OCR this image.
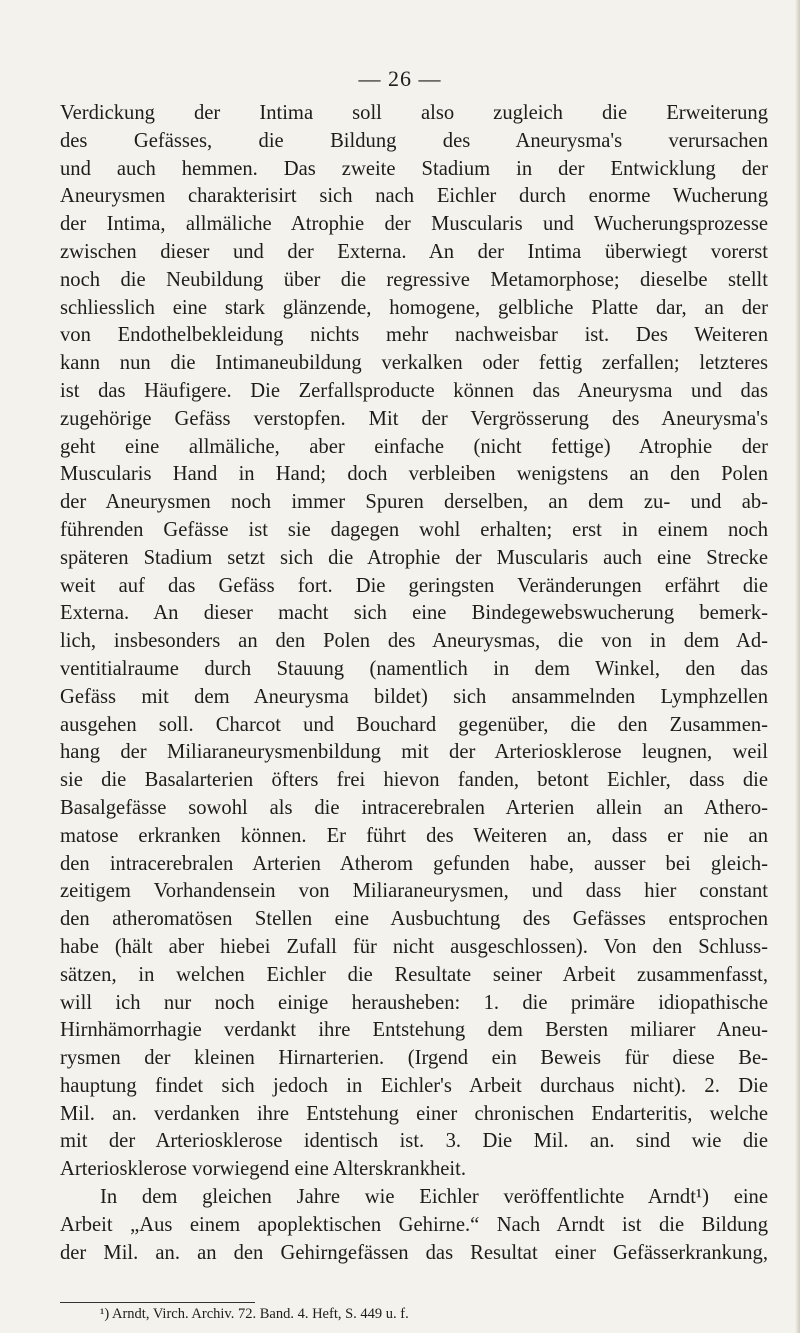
— 26 —
Verdickung der Intima soll also zugleich die Erweiterung
des Gefässes, die Bildung des Aneurysma's verursachen
und auch hemmen. Das zweite Stadium in der Entwicklung der
Aneurysmen charakterisirt sich nach Eichler durch enorme Wucherung
der Intima, allmäliche Atrophie der Muscularis und Wucherungsprozesse
zwischen dieser und der Externa. An der Intima überwiegt vorerst
noch die Neubildung über die regressive Metamorphose; dieselbe stellt
schliesslich eine stark glänzende, homogene, gelbliche Platte dar, an der
von Endothelbekleidung nichts mehr nachweisbar ist. Des Weiteren
kann nun die Intimaneubildung verkalken oder fettig zerfallen; letzteres
ist das Häufigere. Die Zerfallsproducte können das Aneurysma und das
zugehörige Gefäss verstopfen. Mit der Vergrösserung des Aneurysma's
geht eine allmäliche, aber einfache (nicht fettige) Atrophie der
Muscularis Hand in Hand; doch verbleiben wenigstens an den Polen
der Aneurysmen noch immer Spuren derselben, an dem zu- und ab-
führenden Gefässe ist sie dagegen wohl erhalten; erst in einem noch
späteren Stadium setzt sich die Atrophie der Muscularis auch eine Strecke
weit auf das Gefäss fort. Die geringsten Veränderungen erfährt die
Externa. An dieser macht sich eine Bindegewebswucherung bemerk-
lich, insbesonders an den Polen des Aneurysmas, die von in dem Ad-
ventitialraume durch Stauung (namentlich in dem Winkel, den das
Gefäss mit dem Aneurysma bildet) sich ansammelnden Lymphzellen
ausgehen soll. Charcot und Bouchard gegenüber, die den Zusammen-
hang der Miliaraneurysmenbildung mit der Arteriosklerose leugnen, weil
sie die Basalarterien öfters frei hievon fanden, betont Eichler, dass die
Basalgefässe sowohl als die intracerebralen Arterien allein an Athero-
matose erkranken können. Er führt des Weiteren an, dass er nie an
den intracerebralen Arterien Atherom gefunden habe, ausser bei gleich-
zeitigem Vorhandensein von Miliaraneurysmen, und dass hier constant
den atheromatösen Stellen eine Ausbuchtung des Gefässes entsprochen
habe (hält aber hiebei Zufall für nicht ausgeschlossen). Von den Schluss-
sätzen, in welchen Eichler die Resultate seiner Arbeit zusammenfasst,
will ich nur noch einige herausheben: 1. die primäre idiopathische
Hirnhämorrhagie verdankt ihre Entstehung dem Bersten miliarer Aneu-
rysmen der kleinen Hirnarterien. (Irgend ein Beweis für diese Be-
hauptung findet sich jedoch in Eichler's Arbeit durchaus nicht). 2. Die
Mil. an. verdanken ihre Entstehung einer chronischen Endarteritis, welche
mit der Arteriosklerose identisch ist. 3. Die Mil. an. sind wie die
Arteriosklerose vorwiegend eine Alterskrankheit.
In dem gleichen Jahre wie Eichler veröffentlichte Arndt¹) eine
Arbeit „Aus einem apoplektischen Gehirne.“ Nach Arndt ist die Bildung
der Mil. an. an den Gehirngefässen das Resultat einer Gefässerkrankung,
¹) Arndt, Virch. Archiv. 72. Band. 4. Heft, S. 449 u. f.
